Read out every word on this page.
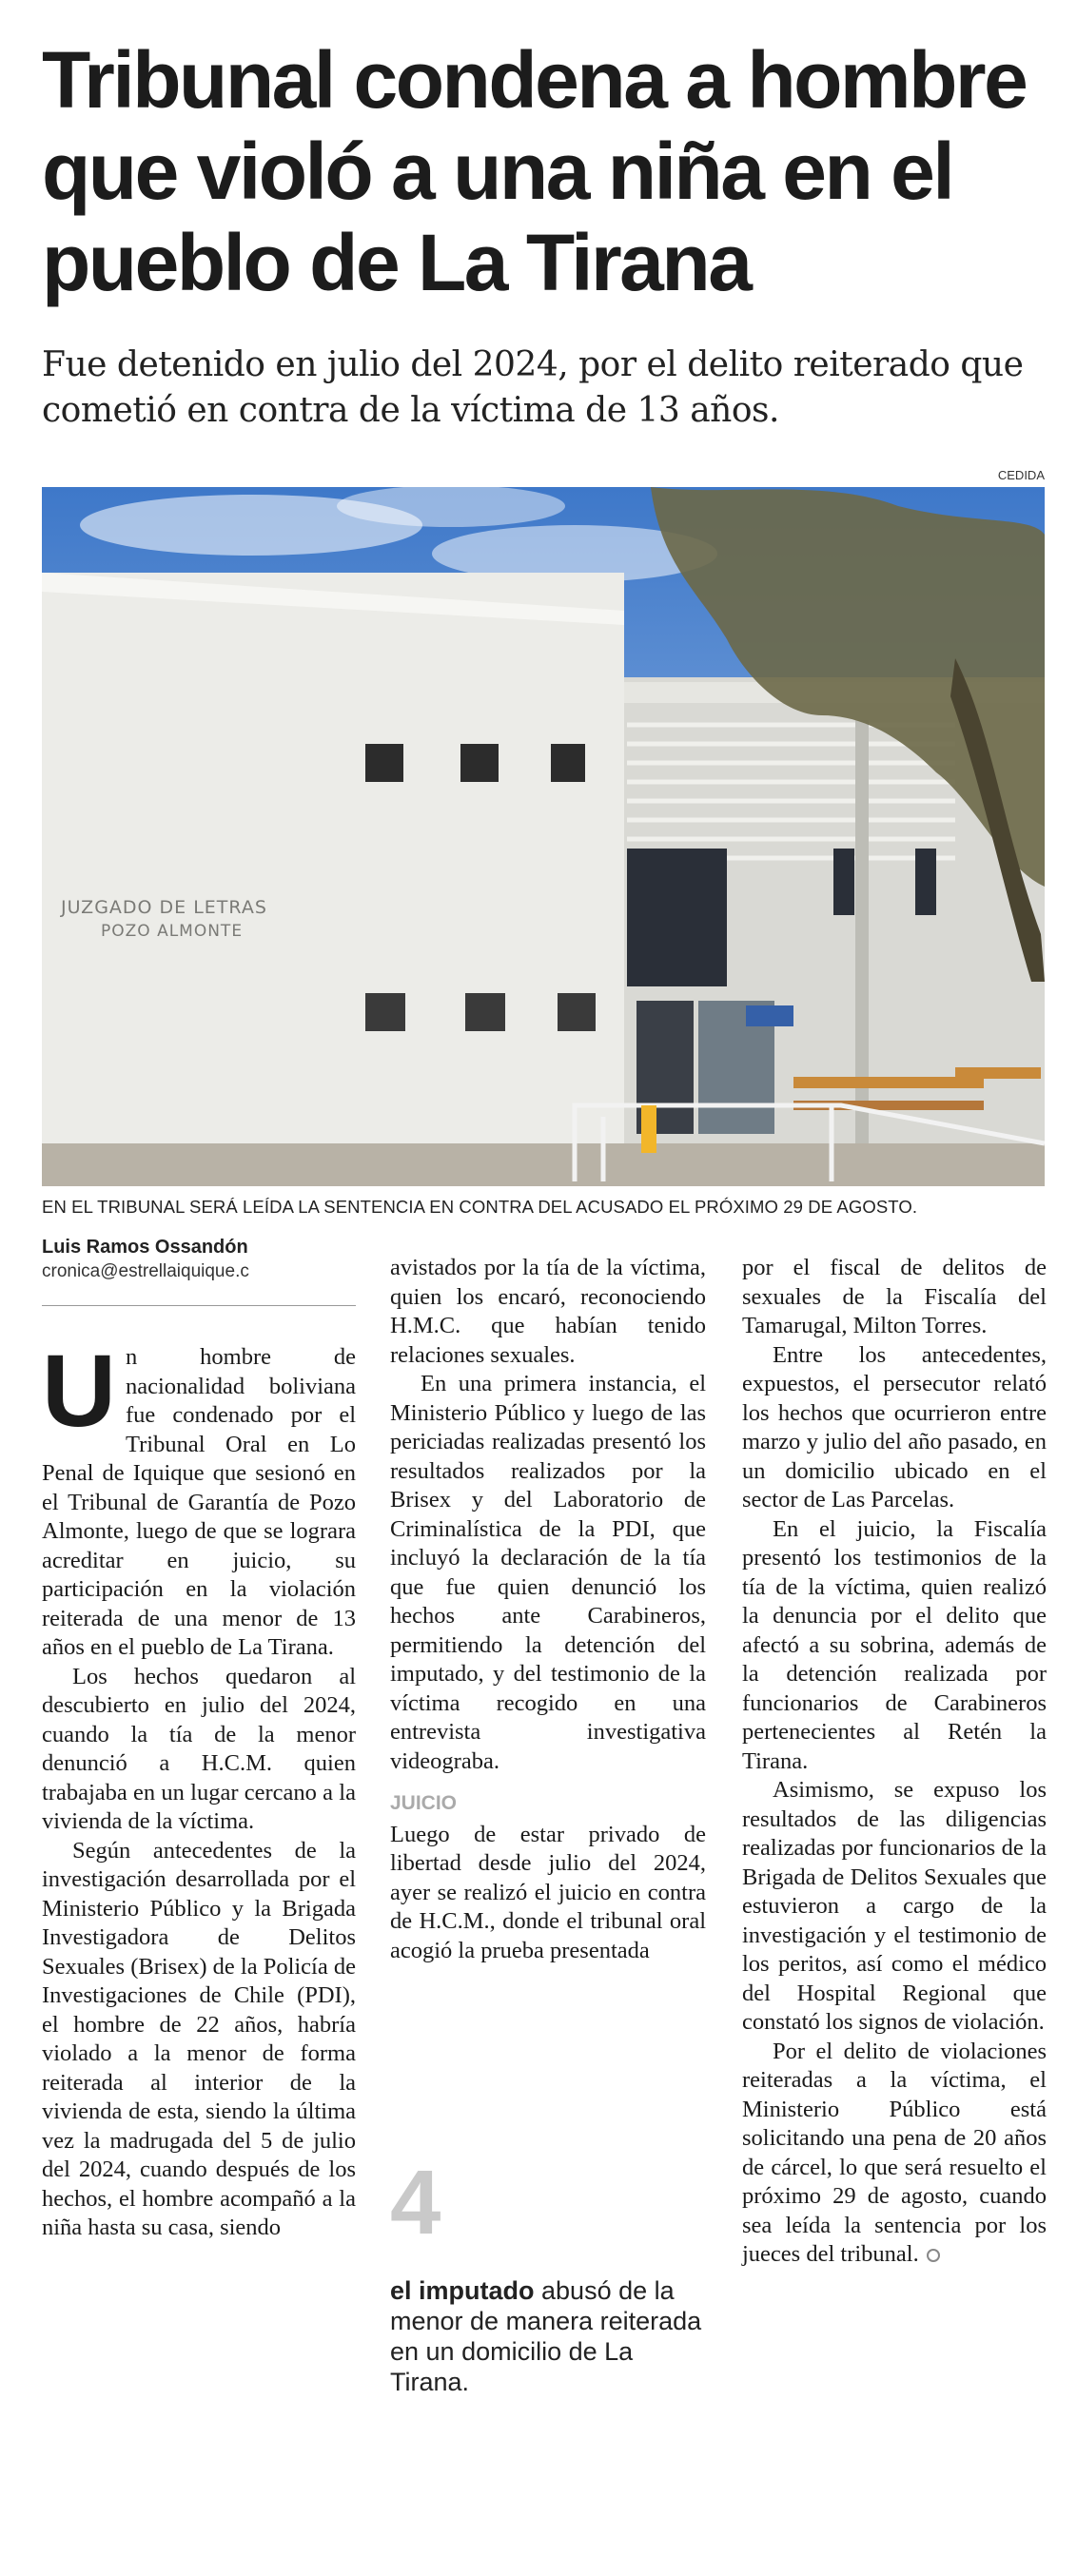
Tribunal condena a hombre que violó a una niña en el pueblo de La Tirana
Fue detenido en julio del 2024, por el delito reiterado que cometió en contra de la víctima de 13 años.
CEDIDA
JUZGADO DE LETRAS
POZO ALMONTE
EN EL TRIBUNAL SERÁ LEÍDA LA SENTENCIA EN CONTRA DEL ACUSADO EL PRÓXIMO 29 DE AGOSTO.
Luis Ramos Ossandón
cronica@estrellaiquique.c

Un hombre de nacionalidad boliviana fue condenado por el Tribunal Oral en Lo Penal de Iquique que sesionó en el Tribunal de Garantía de Pozo Almonte, luego de que se lograra acreditar en juicio, su participación en la violación reiterada de una menor de 13 años en el pueblo de La Tirana.

Los hechos quedaron al descubierto en julio del 2024, cuando la tía de la menor denunció a H.C.M. quien trabajaba en un lugar cercano a la vivienda de la víctima.

Según antecedentes de la investigación desarrollada por el Ministerio Público y la Brigada Investigadora de Delitos Sexuales (Brisex) de la Policía de Investigaciones de Chile (PDI), el hombre de 22 años, habría violado a la menor de forma reiterada al interior de la vivienda de esta, siendo la última vez la madrugada del 5 de julio del 2024, cuando después de los hechos, el hombre acompañó a la niña hasta su casa, siendo

avistados por la tía de la víctima, quien los encaró, reconociendo H.M.C. que habían tenido relaciones sexuales.

En una primera instancia, el Ministerio Público y luego de las periciadas realizadas presentó los resultados realizados por la Brisex y del Laboratorio de Criminalística de la PDI, que incluyó la declaración de la tía que fue quien denunció los hechos ante Carabineros, permitiendo la detención del imputado, y del testimonio de la víctima recogido en una entrevista investigativa videograba.

JUICIO

Luego de estar privado de libertad desde julio del 2024, ayer se realizó el juicio en contra de H.C.M., donde el tribunal oral acogió la prueba presentada

4
el imputado abusó de la menor de manera reiterada en un domicilio de La Tirana.

por el fiscal de delitos de sexuales de la Fiscalía del Tamarugal, Milton Torres.

Entre los antecedentes, expuestos, el persecutor relató los hechos que ocurrieron entre marzo y julio del año pasado, en un domicilio ubicado en el sector de Las Parcelas.

En el juicio, la Fiscalía presentó los testimonios de la tía de la víctima, quien realizó la denuncia por el delito que afectó a su sobrina, además de la detención realizada por funcionarios de Carabineros pertenecientes al Retén la Tirana.

Asimismo, se expuso los resultados de las diligencias realizadas por funcionarios de la Brigada de Delitos Sexuales que estuvieron a cargo de la investigación y el testimonio de los peritos, así como el médico del Hospital Regional que constató los signos de violación.

Por el delito de violaciones reiteradas a la víctima, el Ministerio Público está solicitando una pena de 20 años de cárcel, lo que será resuelto el próximo 29 de agosto, cuando sea leída la sentencia por los jueces del tribunal.
